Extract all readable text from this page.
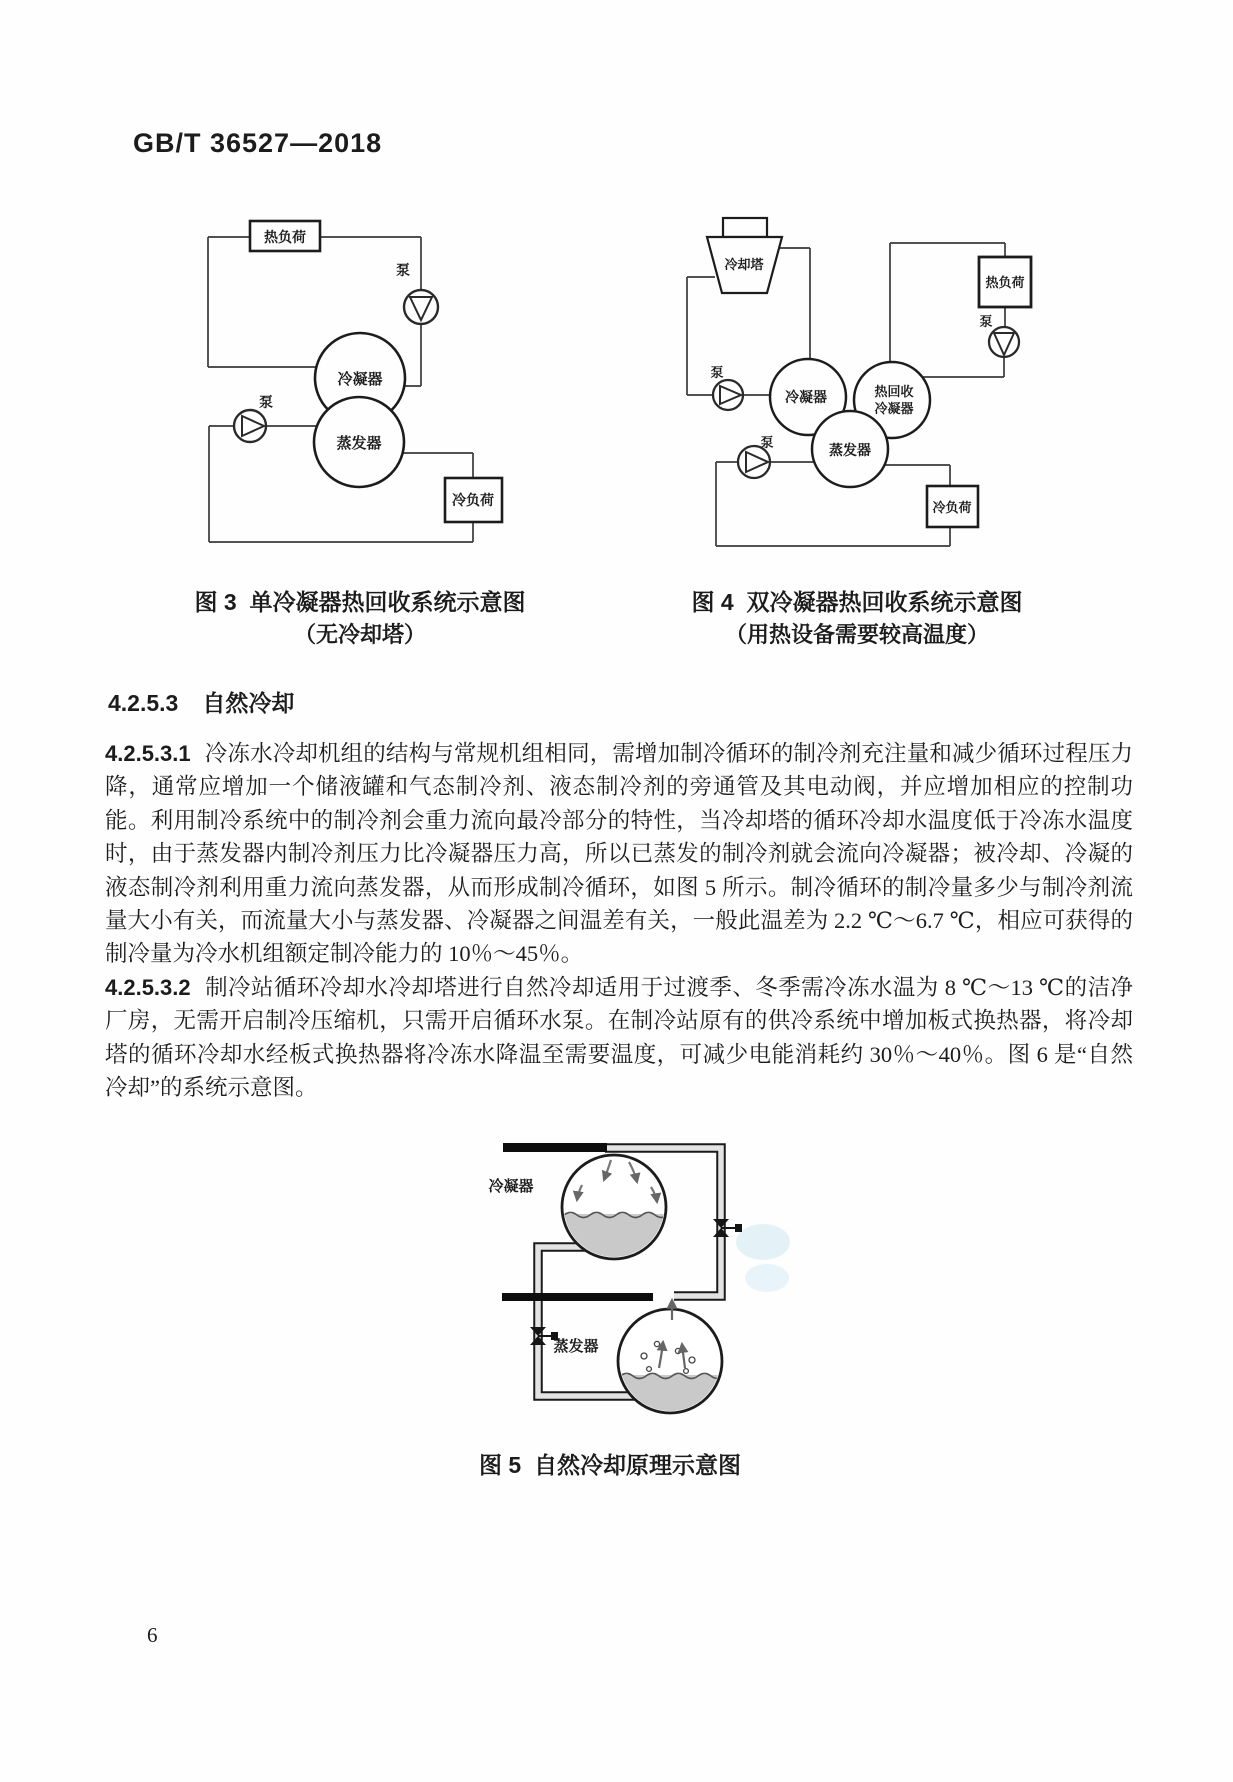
GB/T 36527—2018
热负荷
泵
冷凝器
蒸发器
泵
冷负荷
冷却塔
泵
冷凝器	热回收
冷凝器
蒸发器
热负荷
泵
泵
冷负荷
图 3  单冷凝器热回收系统示意图
（无冷却塔）
图 4  双冷凝器热回收系统示意图
（用热设备需要较高温度）
4.2.5.3 自然冷却

4.2.5.3.1 冷冻水冷却机组的结构与常规机组相同，需增加制冷循环的制冷剂充注量和减少循环过程压力降，通常应增加一个储液罐和气态制冷剂、液态制冷剂的旁通管及其电动阀，并应增加相应的控制功能。利用制冷系统中的制冷剂会重力流向最冷部分的特性，当冷却塔的循环冷却水温度低于冷冻水温度时，由于蒸发器内制冷剂压力比冷凝器压力高，所以已蒸发的制冷剂就会流向冷凝器；被冷却、冷凝的液态制冷剂利用重力流向蒸发器，从而形成制冷循环，如图 5 所示。制冷循环的制冷量多少与制冷剂流量大小有关，而流量大小与蒸发器、冷凝器之间温差有关，一般此温差为 2.2 ℃～6.7 ℃，相应可获得的制冷量为冷水机组额定制冷能力的 10％～45％。

4.2.5.3.2 制冷站循环冷却水冷却塔进行自然冷却适用于过渡季、冬季需冷冻水温为 8 ℃～13 ℃的洁净厂房，无需开启制冷压缩机，只需开启循环水泵。在制冷站原有的供冷系统中增加板式换热器，将冷却塔的循环冷却水经板式换热器将冷冻水降温至需要温度，可减少电能消耗约 30％～40％。图 6 是“自然冷却”的系统示意图。

冷凝器
蒸发器
图 5  自然冷却原理示意图
6
